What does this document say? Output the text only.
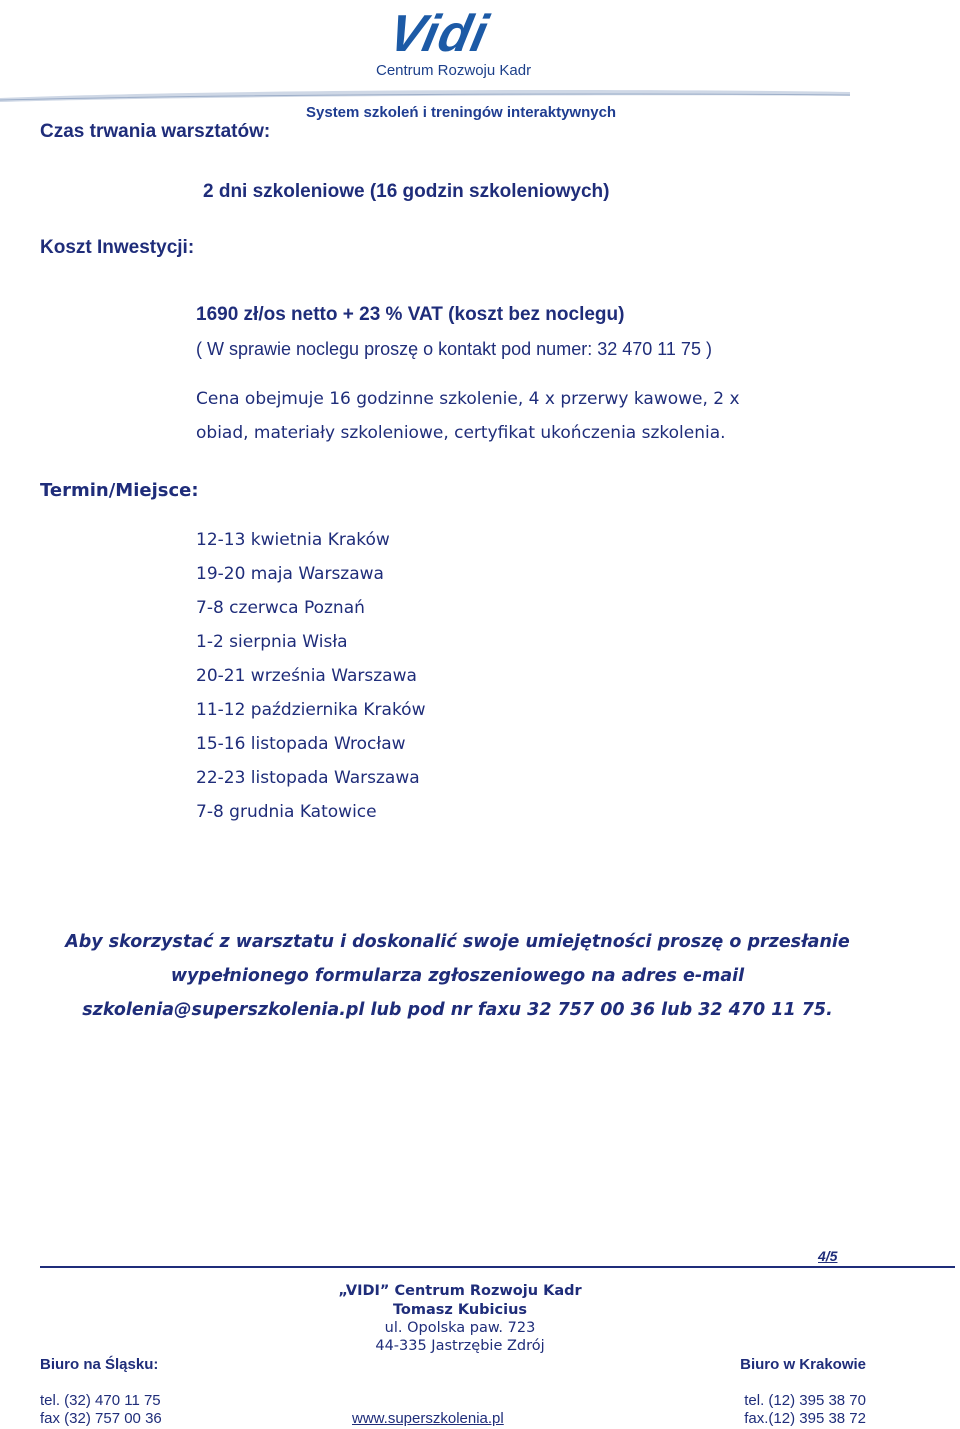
Vidi
Centrum Rozwoju Kadr
System szkoleń i treningów interaktywnych
Czas trwania warsztatów:
2 dni szkoleniowe (16 godzin szkoleniowych)
Koszt Inwestycji:
1690 zł/os netto + 23 % VAT (koszt bez noclegu)
( W sprawie noclegu proszę o kontakt pod numer: 32 470 11 75 )
Cena obejmuje 16 godzinne szkolenie, 4 x przerwy kawowe, 2 x
obiad, materiały szkoleniowe, certyfikat ukończenia szkolenia.
Termin/Miejsce:
12-13 kwietnia Kraków
19-20 maja Warszawa
7-8 czerwca Poznań
1-2 sierpnia Wisła
20-21 września Warszawa
11-12 października Kraków
15-16 listopada Wrocław
22-23 listopada Warszawa
7-8 grudnia Katowice
Aby skorzystać z warsztatu i doskonalić swoje umiejętności proszę o przesłanie
wypełnionego formularza zgłoszeniowego na adres e-mail
szkolenia@superszkolenia.pl lub pod nr faxu 32 757 00 36 lub 32 470 11 75.
4/5
„VIDI” Centrum Rozwoju Kadr
Tomasz Kubicius
ul. Opolska paw. 723
44-335 Jastrzębie Zdrój
Biuro na Śląsku:
tel. (32) 470 11 75
fax (32) 757 00 36	www.superszkolenia.pl
Biuro w Krakowie
tel. (12) 395 38 70
fax.(12) 395 38 72
